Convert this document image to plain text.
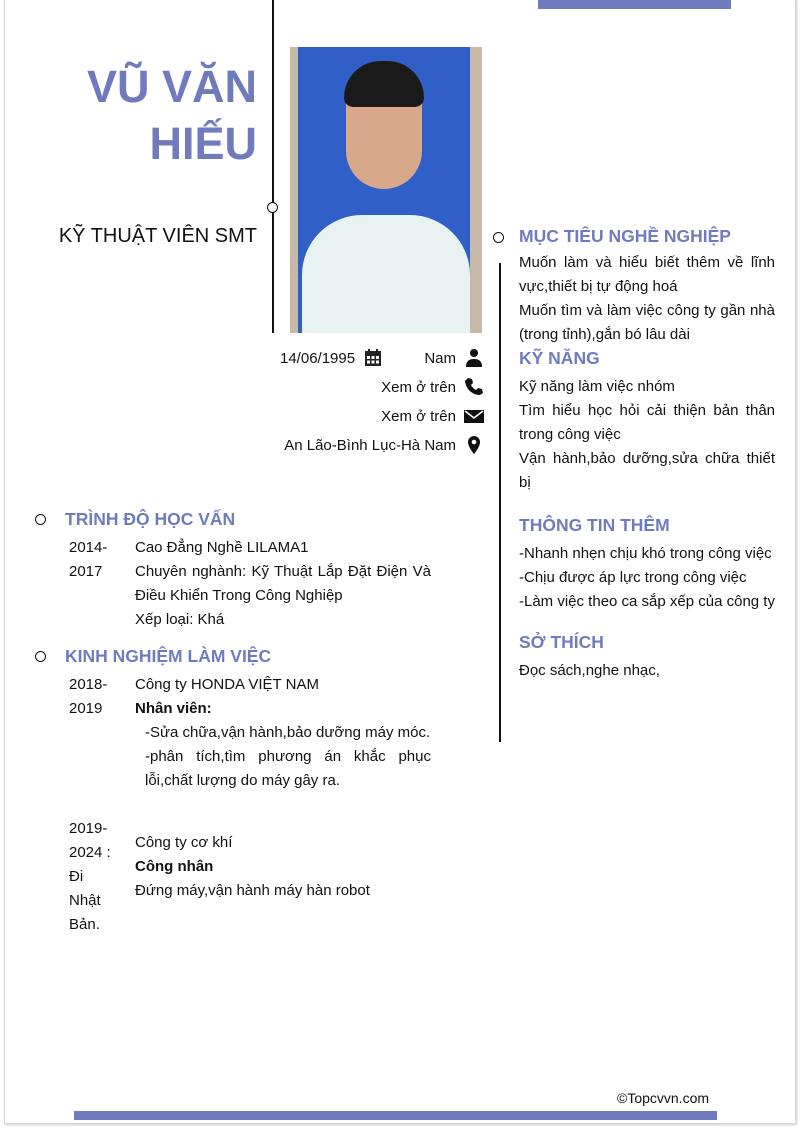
VŨ VĂN
HIẾU
KỸ THUẬT VIÊN SMT
14/06/1995	Nam
Xem ở trên
Xem ở trên
An Lão-Bình Lục-Hà Nam
MỤC TIÊU NGHỀ NGHIỆP
Muốn làm và hiểu biết thêm về lĩnh vực,thiết bị tự động hoá
Muốn tìm và làm việc công ty gần nhà (trong tỉnh),gắn bó lâu dài
KỸ NĂNG
Kỹ năng làm việc nhóm
Tìm hiểu học hỏi cải thiện bản thân trong công việc
Vận hành,bảo dưỡng,sửa chữa thiết bị
THÔNG TIN THÊM
-Nhanh nhẹn chịu khó trong công việc
-Chịu được áp lực trong công việc
-Làm việc theo ca sắp xếp của công ty
SỞ THÍCH
Đọc sách,nghe nhạc,
TRÌNH ĐỘ HỌC VẤN
2014-2017
Cao Đẳng Nghề LILAMA1
Chuyên nghành: Kỹ Thuật Lắp Đặt Điện Và Điều Khiển Trong Công Nghiệp
Xếp loại: Khá
KINH NGHIỆM LÀM VIỆC
2018-2019
Công ty HONDA VIỆT NAM
Nhân viên:
-Sửa chữa,vận hành,bảo dưỡng máy móc.
-phân tích,tìm phương án khắc phục lỗi,chất lượng do máy gây ra.
2019-2024 : Đi Nhật Bản.
Công ty cơ khí
Công nhân
Đứng máy,vận hành máy hàn robot
©Topcvvn.com
